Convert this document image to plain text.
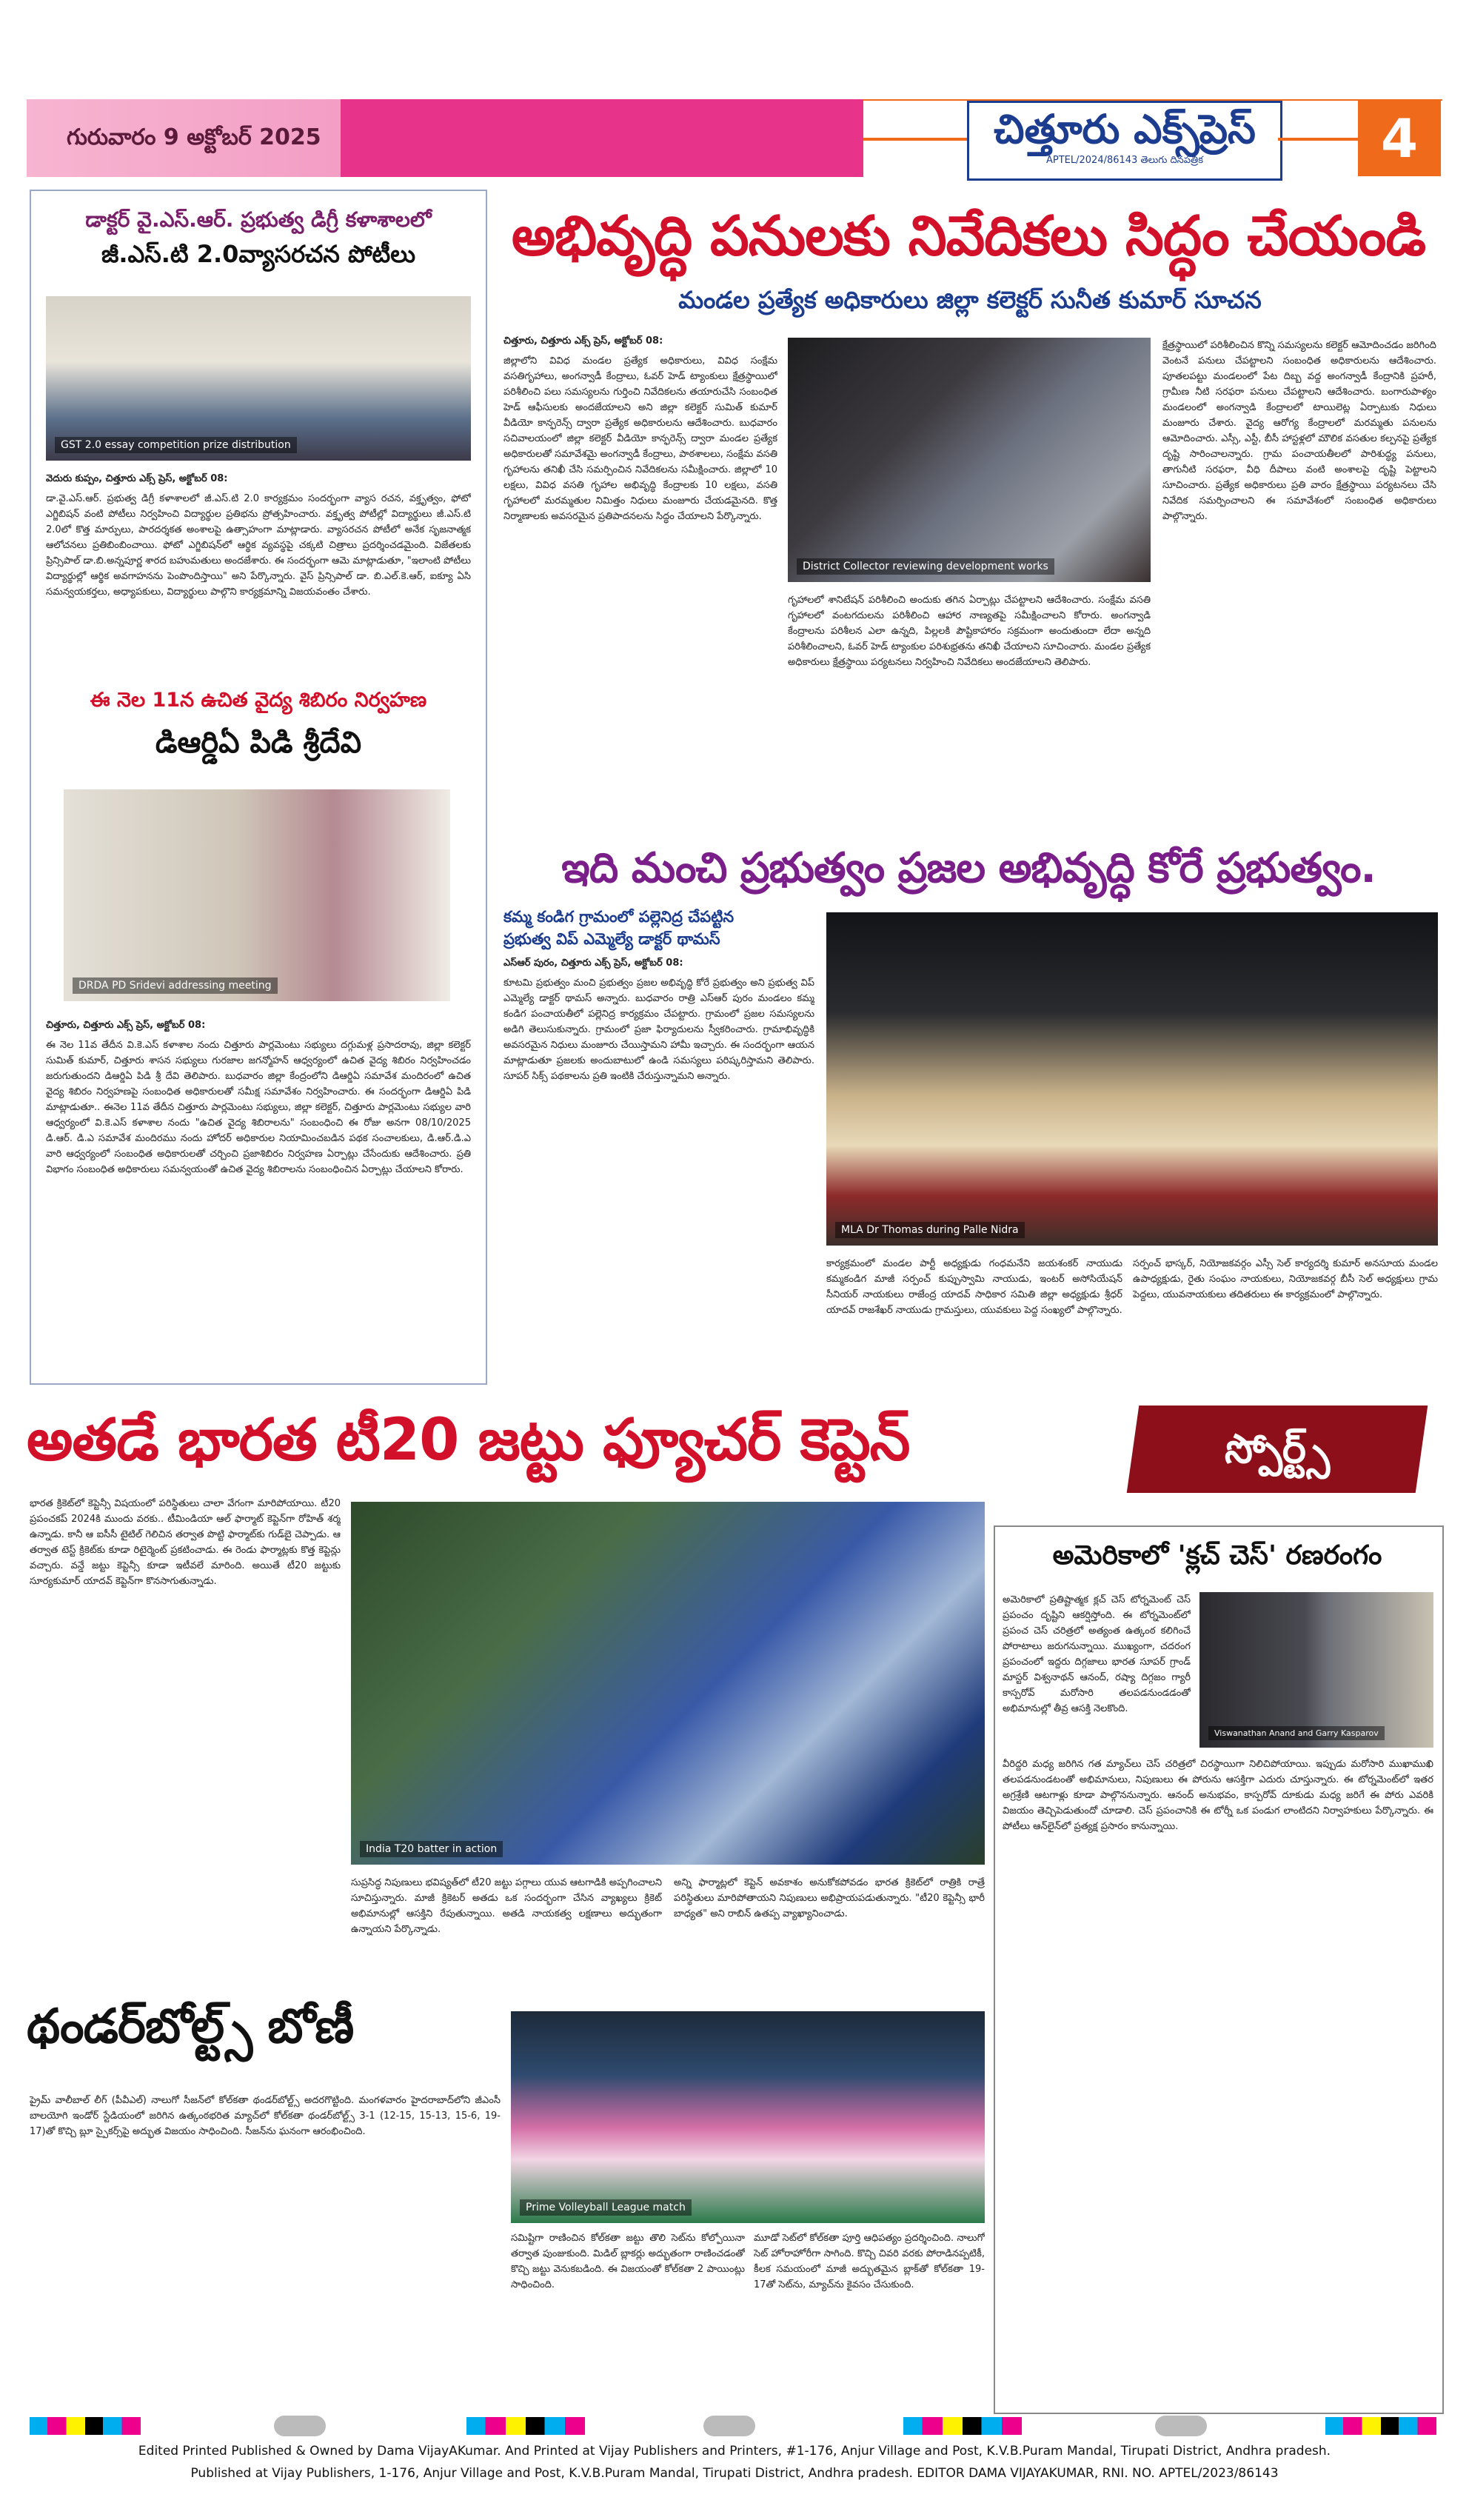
గురువారం 9 అక్టోబర్ 2025	చిత్తూరు ఎక్స్‌ప్రెస్
APTEL/2024/86143 తెలుగు దినపత్రిక	4
డాక్టర్ వై.ఎస్.ఆర్. ప్రభుత్వ డిగ్రీ కళాశాలలో
జీ.ఎస్.టి 2.0వ్యాసరచన పోటీలు
GST 2.0 essay competition prize distribution

వెదురు కుప్పం, చిత్తూరు ఎక్స్ ప్రెస్, అక్టోబర్ 08:

డా.వై.ఎస్.ఆర్. ప్రభుత్వ డిగ్రీ కళాశాలలో జీ.ఎస్.టి 2.0 కార్యక్రమం సందర్భంగా వ్యాస రచన, వక్తృత్వం, ఫోటో ఎగ్జిబిషన్ వంటి పోటీలు నిర్వహించి విద్యార్థుల ప్రతిభను ప్రోత్సహించారు. వక్తృత్వ పోటీల్లో విద్యార్థులు జీ.ఎస్.టి 2.0లో కొత్త మార్పులు, పారదర్శకత అంశాలపై ఉత్సాహంగా మాట్లాడారు. వ్యాసరచన పోటీలో అనేక సృజనాత్మక ఆలోచనలు ప్రతిబింబించాయి. ఫోటో ఎగ్జిబిషన్‌లో ఆర్థిక వ్యవస్థపై చక్కటి చిత్రాలు ప్రదర్శించడమైంది. విజేతలకు ప్రిన్సిపాల్ డా.బి.అన్నపూర్ణ శారద బహుమతులు అందజేశారు. ఈ సందర్భంగా ఆమె మాట్లాడుతూ, "ఇలాంటి పోటీలు విద్యార్థుల్లో ఆర్థిక అవగాహనను పెంపొందిస్తాయి" అని పేర్కొన్నారు. వైస్ ప్రిన్సిపాల్ డా. బి.ఎల్.కె.ఆర్, ఐక్యూ ఏసి సమన్వయకర్తలు, అధ్యాపకులు, విద్యార్థులు పాల్గొని కార్యక్రమాన్ని విజయవంతం చేశారు.

ఈ నెల 11న ఉచిత వైద్య శిబిరం నిర్వహణ
డిఆర్డిఏ పిడి శ్రీదేవి
DRDA PD Sridevi addressing meeting

చిత్తూరు, చిత్తూరు ఎక్స్ ప్రెస్, అక్టోబర్ 08:

ఈ నెల 11వ తేదీన వి.కె.ఎస్ కళాశాల నందు చిత్తూరు పార్లమెంటు సభ్యులు దగ్గుమళ్ల ప్రసాదరావు, జిల్లా కలెక్టర్ సుమిత్ కుమార్, చిత్తూరు శాసన సభ్యులు గురజాల జగన్మోహన్ ఆధ్వర్యంలో ఉచిత వైద్య శిబిరం నిర్వహించడం జరుగుతుందని డిఆర్డిఏ పిడి శ్రీ దేవి తెలిపారు. బుధవారం జిల్లా కేంద్రంలోని డిఆర్డిఏ సమావేశ మందిరంలో ఉచిత వైద్య శిబిరం నిర్వహణపై సంబంధిత అధికారులతో సమీక్ష సమావేశం నిర్వహించారు. ఈ సందర్భంగా డిఆర్డిఏ పిడి మాట్లాడుతూ.. ఈనెల 11వ తేదీన చిత్తూరు పార్లమెంటు సభ్యులు, జిల్లా కలెక్టర్, చిత్తూరు పార్లమెంటు సభ్యుల వారి ఆధ్వర్యంలో వి.కె.ఎస్ కళాశాల నందు "ఉచిత వైద్య శిబిరాలను" సంబంధించి ఈ రోజు అనగా 08/10/2025 డి.ఆర్. డి.ఎ సమావేశ మందిరము నందు హోదర్ అధికారుల నియామించబడిన పథక సంచాలకులు, డి.ఆర్.డి.ఎ వారి ఆధ్వర్యంలో సంబంధిత అధికారులతో చర్చించి ప్రజాశిబిరం నిర్వహణ ఏర్పాట్లు చేసేందుకు ఆదేశించారు. ప్రతి విభాగం సంబంధిత అధికారులు సమన్వయంతో ఉచిత వైద్య శిబిరాలను సంబంధించిన ఏర్పాట్లు చేయాలని కోరారు.

అభివృద్ధి పనులకు నివేదికలు సిద్ధం చేయండి
మండల ప్రత్యేక అధికారులు జిల్లా కలెక్టర్ సునీత కుమార్ సూచన

చిత్తూరు, చిత్తూరు ఎక్స్ ప్రెస్, అక్టోబర్ 08:

జిల్లాలోని వివిధ మండల ప్రత్యేక అధికారులు, వివిధ సంక్షేమ వసతిగృహాలు, అంగన్వాడీ కేంద్రాలు, ఓవర్ హెడ్ ట్యాంకులు క్షేత్రస్థాయిలో పరిశీలించి పలు సమస్యలను గుర్తించి నివేదికలను తయారుచేసి సంబంధిత హెడ్ ఆఫీసులకు అందజేయాలని అని జిల్లా కలెక్టర్ సుమిత్ కుమార్ వీడియో కాన్ఫరెన్స్ ద్వారా ప్రత్యేక అధికారులను ఆదేశించారు. బుధవారం సచివాలయంలో జిల్లా కలెక్టర్ వీడియో కాన్ఫరెన్స్ ద్వారా మండల ప్రత్యేక అధికారులతో సమావేశమై అంగన్వాడీ కేంద్రాలు, పాఠశాలలు, సంక్షేమ వసతి గృహాలను తనిఖీ చేసి సమర్పించిన నివేదికలను సమీక్షించారు. జిల్లాలో 10 లక్షలు, వివిధ వసతి గృహాల అభివృద్ధి కేంద్రాలకు 10 లక్షలు, వసతి గృహాలలో మరమ్మతుల నిమిత్తం నిధులు మంజూరు చేయడమైనది. కొత్త నిర్మాణాలకు అవసరమైన ప్రతిపాదనలను సిద్ధం చేయాలని పేర్కొన్నారు.

District Collector reviewing development works

గృహాలలో శానిటేషన్ పరిశీలించి అందుకు తగిన ఏర్పాట్లు చేపట్టాలని ఆదేశించారు. సంక్షేమ వసతి గృహాలలో వంటగదులను పరిశీలించి ఆహార నాణ్యతపై సమీక్షించాలని కోరారు. అంగన్వాడి కేంద్రాలను పరిశీలన ఎలా ఉన్నది, పిల్లలకి పౌష్టికాహారం సక్రమంగా అందుతుందా లేదా అన్నది పరిశీలించాలని, ఓవర్ హెడ్ ట్యాంకుల పరిశుభ్రతను తనిఖీ చేయాలని సూచించారు. మండల ప్రత్యేక అధికారులు క్షేత్రస్థాయి పర్యటనలు నిర్వహించి నివేదికలు అందజేయాలని తెలిపారు.

క్షేత్రస్థాయిలో పరిశీలించిన కొన్ని సమస్యలను కలెక్టర్ ఆమోదించడం జరిగింది వెంటనే పనులు చేపట్టాలని సంబంధిత అధికారులను ఆదేశించారు. పూతలపట్టు మండలంలో పేట దిబ్బ వద్ద అంగన్వాడీ కేంద్రానికి ప్రహరీ, గ్రామీణ నీటి సరఫరా పనులు చేపట్టాలని ఆదేశించారు. బంగారుపాళ్యం మండలంలో అంగన్వాడి కేంద్రాలలో టాయిలెట్ల ఏర్పాటుకు నిధులు మంజూరు చేశారు. వైద్య ఆరోగ్య కేంద్రాలలో మరమ్మతు పనులను ఆమోదించారు. ఎస్సీ, ఎస్టీ, బీసీ హాస్టళ్లలో మౌలిక వసతుల కల్పనపై ప్రత్యేక దృష్టి సారించాలన్నారు. గ్రామ పంచాయతీలలో పారిశుద్ధ్య పనులు, తాగునీటి సరఫరా, వీధి దీపాలు వంటి అంశాలపై దృష్టి పెట్టాలని సూచించారు. ప్రత్యేక అధికారులు ప్రతి వారం క్షేత్రస్థాయి పర్యటనలు చేసి నివేదిక సమర్పించాలని ఈ సమావేశంలో సంబంధిత అధికారులు పాల్గొన్నారు.

ఇది మంచి ప్రభుత్వం ప్రజల అభివృద్ధి కోరే ప్రభుత్వం.
కమ్మ కండిగ గ్రామంలో పల్లెనిద్ర చేపట్టిన
ప్రభుత్వ విప్ ఎమ్మెల్యే డాక్టర్ థామస్

ఎస్ఆర్ పురం, చిత్తూరు ఎక్స్ ప్రెస్, అక్టోబర్ 08:

కూటమి ప్రభుత్వం మంచి ప్రభుత్వం ప్రజల అభివృద్ధి కోరే ప్రభుత్వం అని ప్రభుత్వ విప్ ఎమ్మెల్యే డాక్టర్ థామస్ అన్నారు. బుధవారం రాత్రి ఎస్ఆర్ పురం మండలం కమ్మ కండిగ పంచాయతీలో పల్లెనిద్ర కార్యక్రమం చేపట్టారు. గ్రామంలో ప్రజల సమస్యలను అడిగి తెలుసుకున్నారు. గ్రామంలో ప్రజా ఫిర్యాదులను స్వీకరించారు. గ్రామాభివృద్ధికి అవసరమైన నిధులు మంజూరు చేయిస్తామని హామీ ఇచ్చారు. ఈ సందర్భంగా ఆయన మాట్లాడుతూ ప్రజలకు అందుబాటులో ఉండి సమస్యలు పరిష్కరిస్తామని తెలిపారు. సూపర్ సిక్స్ పథకాలను ప్రతి ఇంటికి చేరుస్తున్నామని అన్నారు.

MLA Dr Thomas during Palle Nidra

కార్యక్రమంలో మండల పార్టీ అధ్యక్షుడు గంధమనేని జయశంకర్ నాయుడు కమ్మకండిగ మాజీ సర్పంచ్ కుప్పుస్వామి నాయుడు, ఇంటర్ అసోసియేషన్ సీనియర్ నాయకులు రాజేంద్ర యాదవ్ సాధికార సమితి జిల్లా అధ్యక్షుడు శ్రీధర్ యాదవ్ రాజశేఖర్ నాయుడు గ్రామస్తులు, యువకులు పెద్ద సంఖ్యలో పాల్గొన్నారు.

సర్పంచ్ భాస్కర్, నియోజకవర్గం ఎస్సీ సెల్ కార్యదర్శి కుమార్ అనసూయ మండల ఉపాధ్యక్షుడు, రైతు సంఘం నాయకులు, నియోజకవర్గ బీసీ సెల్ అధ్యక్షులు గ్రామ పెద్దలు, యువనాయకులు తదితరులు ఈ కార్యక్రమంలో పాల్గొన్నారు.

అతడే భారత టీ20 జట్టు ఫ్యూచర్ కెప్టెన్	స్పోర్ట్స్

భారత క్రికెట్‌లో కెప్టెన్సీ విషయంలో పరిస్థితులు చాలా వేగంగా మారిపోయాయి. టీ20 ప్రపంచకప్ 2024కి ముందు వరకు.. టీమిండియా ఆల్ ఫార్మాట్ కెప్టెన్‌గా రోహిత్ శర్మ ఉన్నాడు. కానీ ఆ ఐసీసీ టైటిల్ గెలిచిన తర్వాత పొట్టి ఫార్మాట్‌కు గుడ్‌బై చెప్పాడు. ఆ తర్వాత టెస్ట్ క్రికెట్‌కు కూడా రిటైర్మెంట్ ప్రకటించాడు. ఈ రెండు ఫార్మాట్లకు కొత్త కెప్టెన్లు వచ్చారు. వన్డే జట్టు కెప్టెన్సీ కూడా ఇటీవలే మారింది. అయితే టీ20 జట్టుకు సూర్యకుమార్ యాదవ్ కెప్టెన్‌గా కొనసాగుతున్నాడు.

India T20 batter in action

సుప్రసిద్ధ నిపుణులు భవిష్యత్‌లో టీ20 జట్టు పగ్గాలు యువ ఆటగాడికి అప్పగించాలని సూచిస్తున్నారు. మాజీ క్రికెటర్ అతడు ఒక సందర్భంగా చేసిన వ్యాఖ్యలు క్రికెట్ అభిమానుల్లో ఆసక్తిని రేపుతున్నాయి. అతడి నాయకత్వ లక్షణాలు అద్భుతంగా ఉన్నాయని పేర్కొన్నాడు.

అన్ని ఫార్మాట్లలో కెప్టెన్ అవకాశం అనుకోకపోవడం భారత క్రికెట్‌లో రాత్రికి రాత్రే పరిస్థితులు మారిపోతాయని నిపుణులు అభిప్రాయపడుతున్నారు. "టీ20 కెప్టెన్సీ భారీ బాధ్యత" అని రాబిన్ ఉతప్ప వ్యాఖ్యానించాడు.

అమెరికాలో 'క్లచ్ చెస్' రణరంగం
Viswanathan Anand and Garry Kasparov

అమెరికాలో ప్రతిష్టాత్మక క్లచ్ చెస్ టోర్నమెంట్ చెస్ ప్రపంచం దృష్టిని ఆకర్షిస్తోంది. ఈ టోర్నమెంట్‌లో ప్రపంచ చెస్ చరిత్రలో అత్యంత ఉత్కంఠ కలిగించే పోరాటాలు జరుగనున్నాయి. ముఖ్యంగా, చదరంగ ప్రపంచంలో ఇద్దరు దిగ్గజాలు భారత సూపర్ గ్రాండ్ మాస్టర్ విశ్వనాథన్ ఆనంద్, రష్యా దిగ్గజం గ్యారీ కాస్పరోవ్ మరోసారి తలపడనుండడంతో అభిమానుల్లో తీవ్ర ఆసక్తి నెలకొంది.

వీరిద్దరి మధ్య జరిగిన గత మ్యాచ్‌లు చెస్ చరిత్రలో చిరస్థాయిగా నిలిచిపోయాయి. ఇప్పుడు మరోసారి ముఖాముఖి తలపడనుండటంతో అభిమానులు, నిపుణులు ఈ పోరును ఆసక్తిగా ఎదురు చూస్తున్నారు. ఈ టోర్నమెంట్‌లో ఇతర అగ్రశ్రేణి ఆటగాళ్లు కూడా పాల్గొననున్నారు. ఆనంద్ అనుభవం, కాస్పరోవ్ దూకుడు మధ్య జరిగే ఈ పోరు ఎవరికి విజయం తెచ్చిపెడుతుందో చూడాలి. చెస్ ప్రపంచానికి ఈ టోర్నీ ఒక పండుగ లాంటిదని నిర్వాహకులు పేర్కొన్నారు. ఈ పోటీలు ఆన్‌లైన్‌లో ప్రత్యక్ష ప్రసారం కానున్నాయి.

థండర్‌బోల్ట్స్ బోణీ
Prime Volleyball League match

ప్రైమ్ వాలీబాల్ లీగ్ (పీవీఎల్) నాలుగో సీజన్‌లో కోల్‌కతా థండర్‌బోల్ట్స్ అదరగొట్టింది. మంగళవారం హైదరాబాద్‌లోని జీఎంసీ బాలయోగి ఇండోర్ స్టేడియంలో జరిగిన ఉత్కంఠభరిత మ్యాచ్‌లో కోల్‌కతా థండర్‌బోల్ట్స్ 3-1 (12-15, 15-13, 15-6, 19-17)తో కొచ్చి బ్లూ స్పైకర్స్‌పై అద్భుత విజయం సాధించింది. సీజన్‌ను ఘనంగా ఆరంభించింది.

సమిష్టిగా రాణించిన కోల్‌కతా జట్టు తొలి సెట్‌ను కోల్పోయినా తర్వాత పుంజుకుంది. మిడిల్ బ్లాకర్లు అద్భుతంగా రాణించడంతో కొచ్చి జట్టు వెనుకబడింది. ఈ విజయంతో కోల్‌కతా 2 పాయింట్లు సాధించింది.

మూడో సెట్‌లో కోల్‌కతా పూర్తి ఆధిపత్యం ప్రదర్శించింది. నాలుగో సెట్ హోరాహోరీగా సాగింది. కొచ్చి చివరి వరకు పోరాడినప్పటికీ, కీలక సమయంలో మాజీ అద్భుతమైన బ్లాక్‌తో కోల్‌కతా 19-17తో సెట్‌ను, మ్యాచ్‌ను కైవసం చేసుకుంది.

Edited Printed Published & Owned by Dama VijayAKumar. And Printed at Vijay Publishers and Printers, #1-176, Anjur Village and Post, K.V.B.Puram Mandal, Tirupati District, Andhra pradesh.
Published at Vijay Publishers, 1-176, Anjur Village and Post, K.V.B.Puram Mandal, Tirupati District, Andhra pradesh. EDITOR DAMA VIJAYAKUMAR, RNI. NO. APTEL/2023/86143
